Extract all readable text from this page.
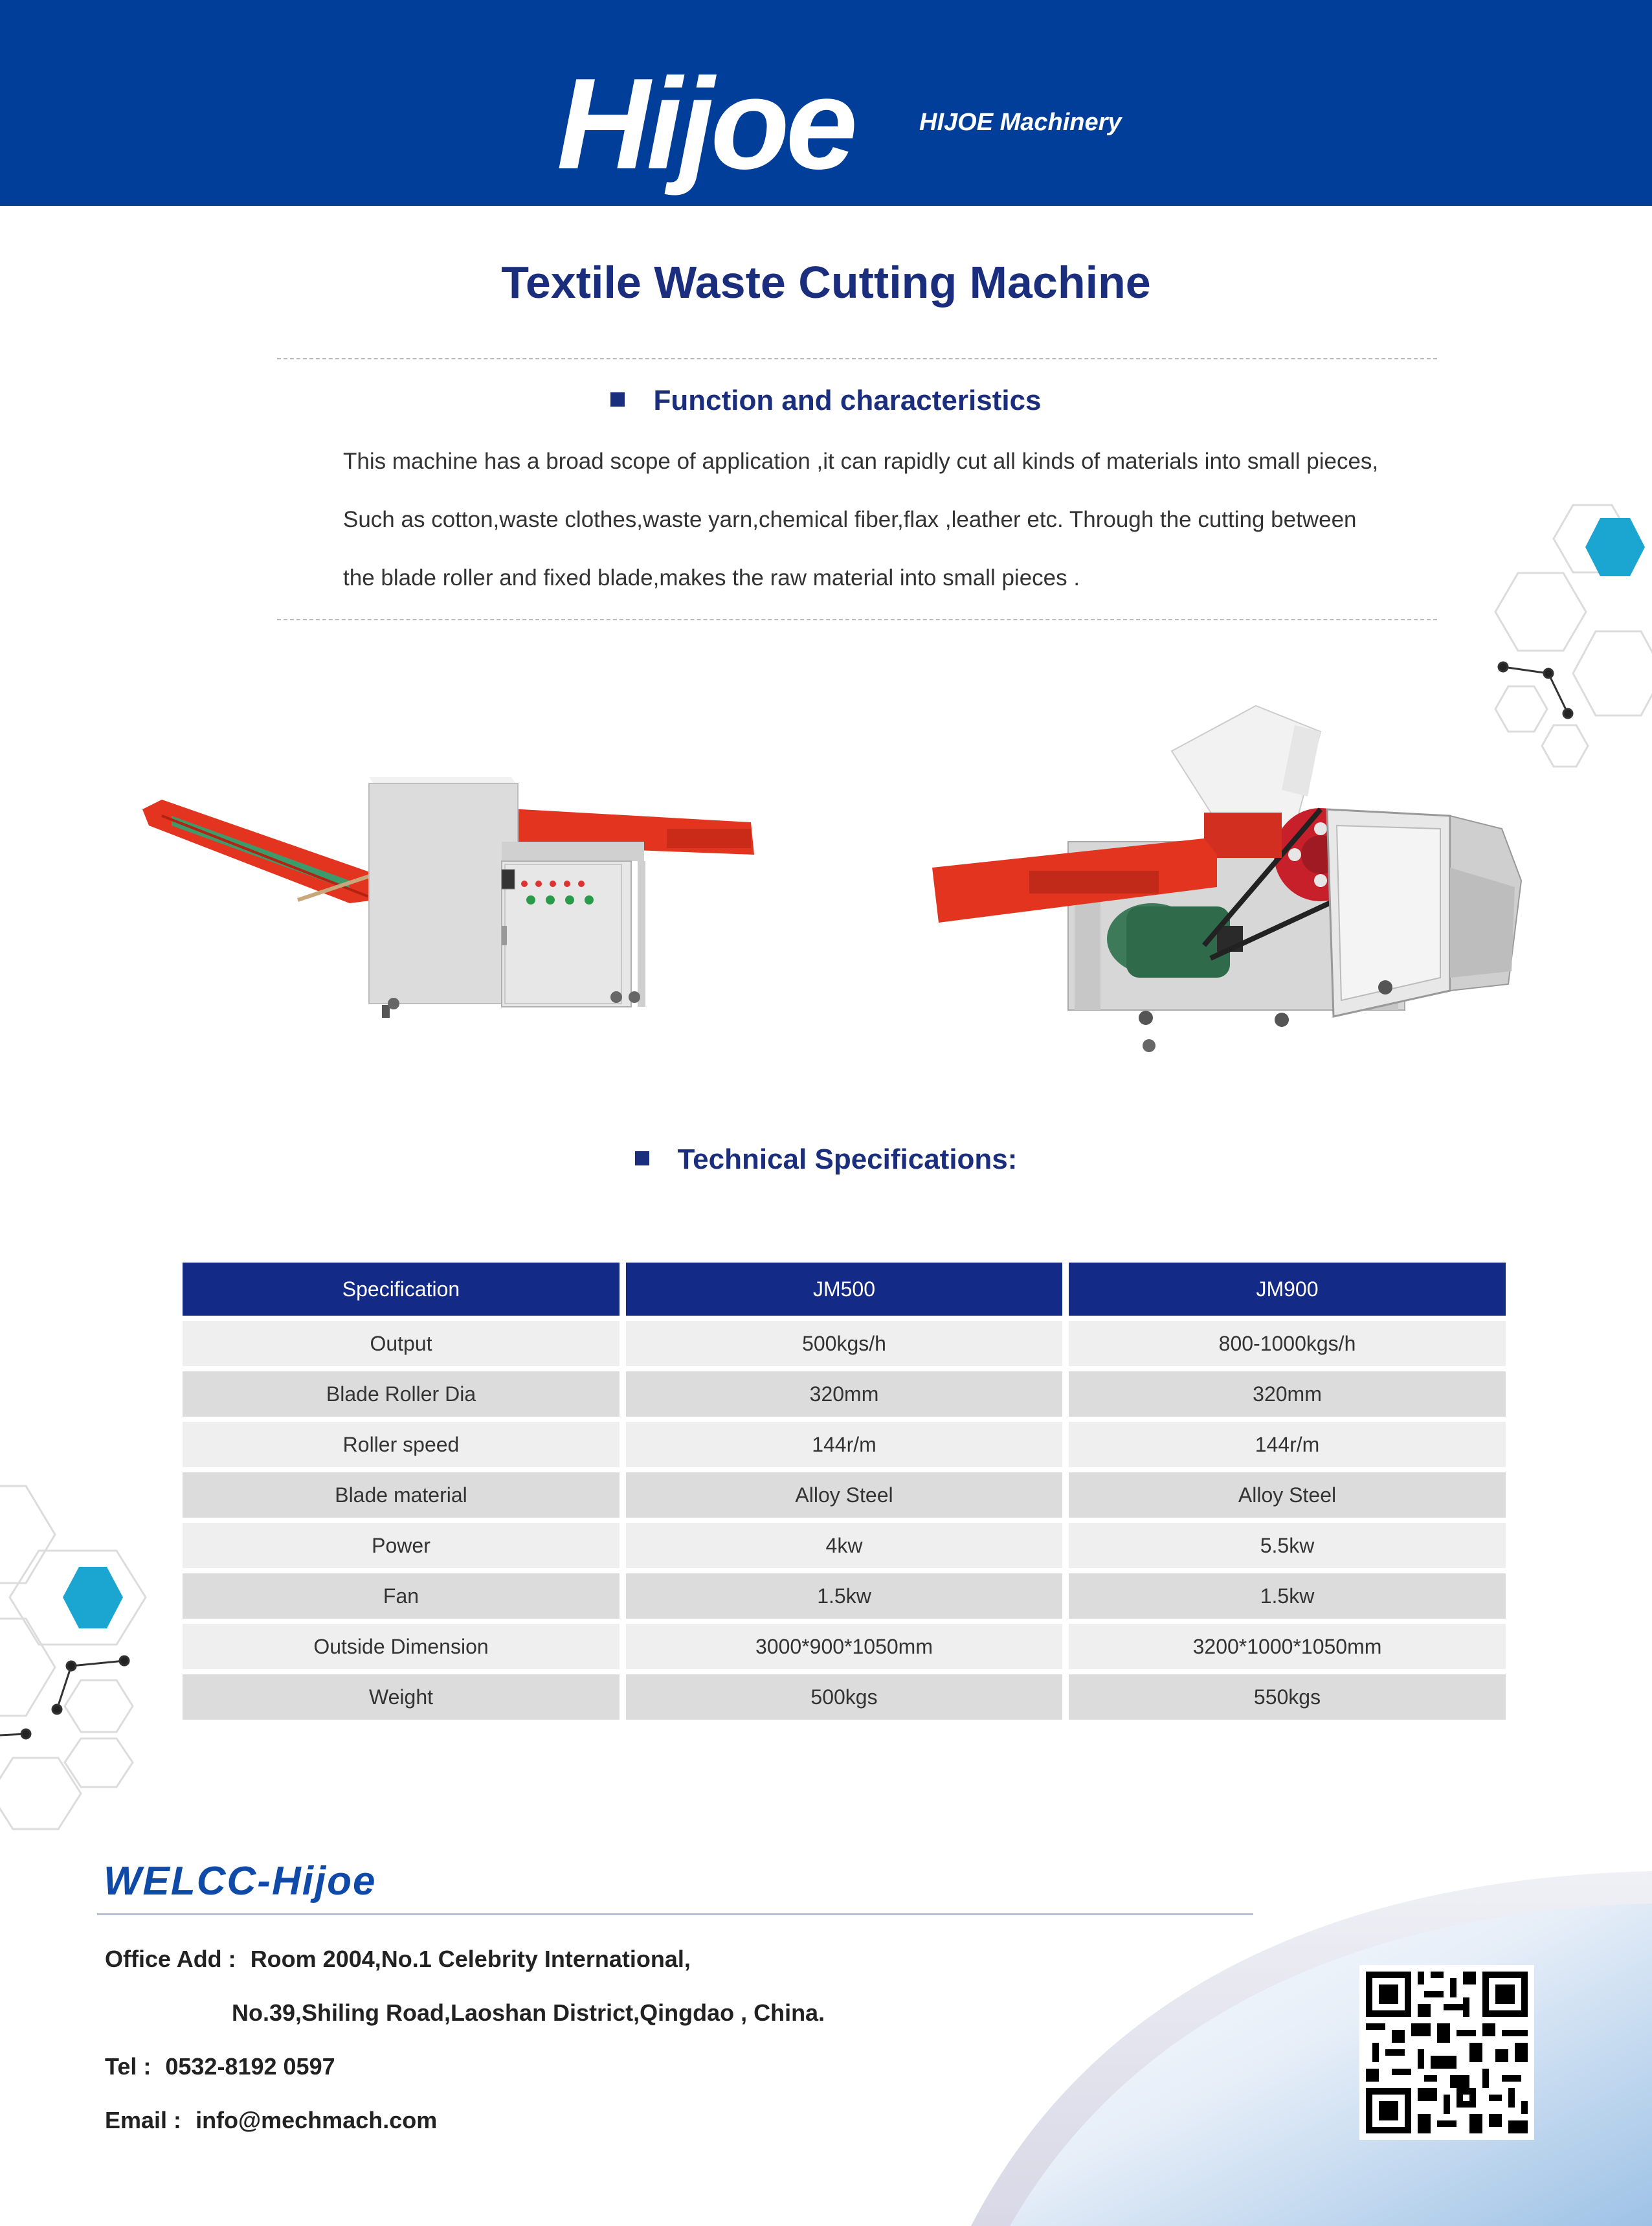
Hijoe	HIJOE Machinery
Textile Waste Cutting Machine
Function and characteristics
This machine has a broad scope of application ,it can rapidly cut all kinds of materials into small pieces,
Such as cotton,waste clothes,waste yarn,chemical fiber,flax ,leather etc. Through the cutting between
the blade roller and fixed blade,makes the raw material into small pieces .
Technical Specifications:
Specification	JM500	JM900
Output	500kgs/h	800-1000kgs/h
Blade Roller Dia	320mm	320mm
Roller speed	144r/m	144r/m
Blade material	Alloy Steel	Alloy Steel
Power	4kw	5.5kw
Fan	1.5kw	1.5kw
Outside Dimension	3000*900*1050mm	3200*1000*1050mm
Weight	500kgs	550kgs
WELCC-Hijoe
Office Add : Room 2004,No.1 Celebrity International,
No.39,Shiling Road,Laoshan District,Qingdao , China.
Tel : 0532-8192 0597
Email : info@mechmach.com
